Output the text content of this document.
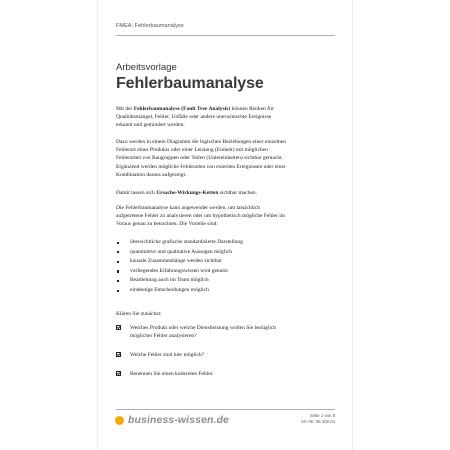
FMEA: Fehlerbaumanalyse
Arbeitsvorlage
Fehlerbaumanalyse

Mit der Fehlerbaumanalyse (Fault Tree Analysis) können Risiken für

Qualitätsmängel, Fehler, Unfälle oder andere unerwünschte Ereignisse

erkannt und gemindert werden.

Dazu werden in einem Diagramm die logischen Beziehungen einer einzelnen

Fehlerart eines Produkts oder einer Leistung (Einheit) mit möglichen

Fehlerarten von Baugruppen oder Teilen (Untereinheiten) sichtbar gemacht.

Ergänzend werden mögliche Fehlerarten von externen Ereignissen oder einer

Kombination daraus aufgezeigt.

Damit lassen sich Ursache-Wirkungs-Ketten sichtbar machen.

Die Fehlerbaumanalyse kann angewendet werden, um tatsächlich

aufgetretene Fehler zu analysieren oder um hypothetisch mögliche Fehler im

Voraus genau zu betrachten. Die Vorteile sind:

übersichtliche grafische standardisierte Darstellung
quantitative und qualitative Aussagen möglich
kausale Zusammenhänge werden sichtbar
vorliegendes Erfahrungswissen wird genutzt
Bearbeitung auch im Team möglich
eindeutige Entscheidungen möglich

Klären Sie zunächst:

Welches Produkt oder welche Dienstleistung wollen Sie bezüglich

möglicher Fehler analysieren?

Welche Fehler sind hier möglich?

Benennen Sie einen konkreten Fehler.

business-wissen.de	Seite 1 von 8
Art.-Nr. 06.100.04
